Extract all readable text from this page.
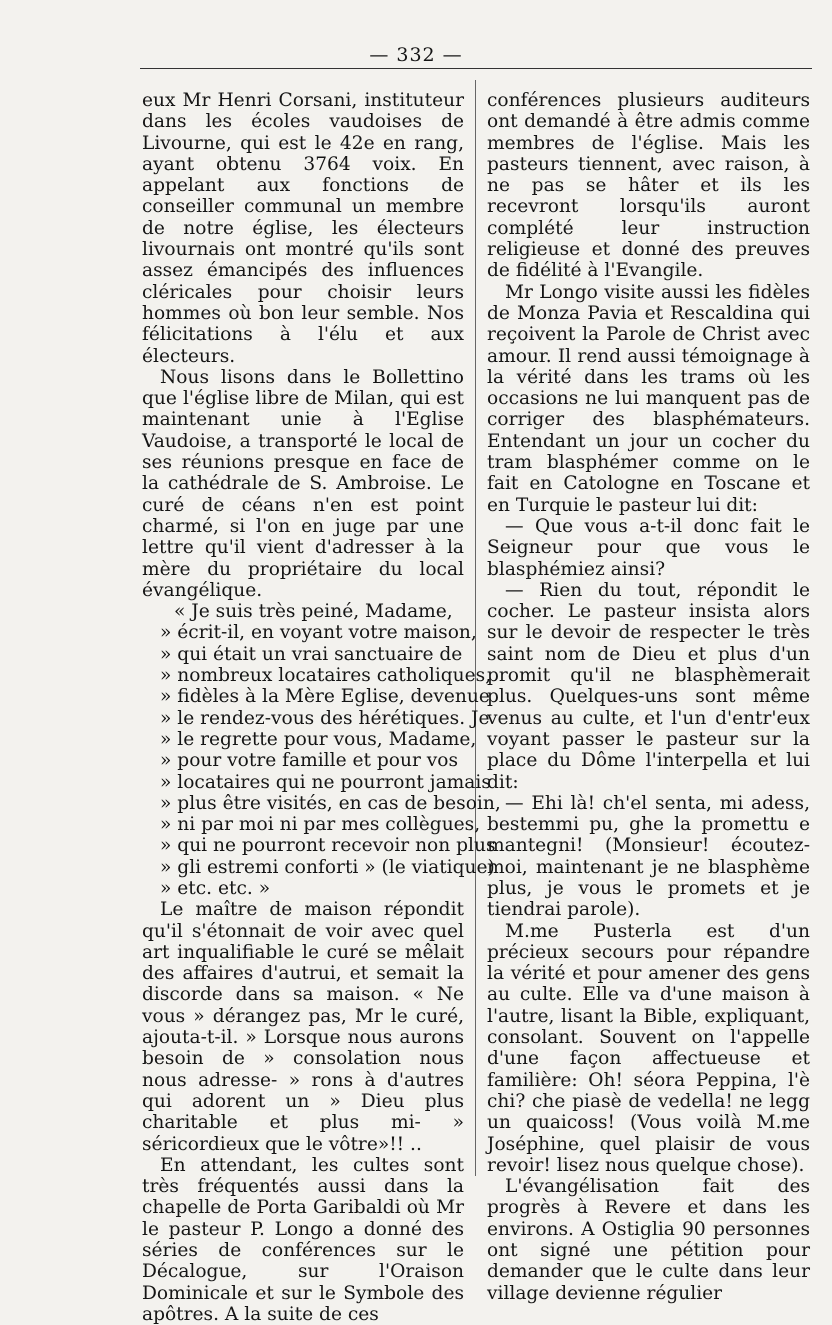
— 332 —

eux Mr Henri Corsani, instituteur dans les écoles vaudoises de Livourne, qui est le 42e en rang, ayant obtenu 3764 voix. En appelant aux fonctions de conseiller communal un membre de notre église, les électeurs livournais ont montré qu'ils sont assez émancipés des influences cléricales pour choisir leurs hommes où bon leur semble. Nos félicitations à l'élu et aux électeurs.

Nous lisons dans le Bollettino que l'église libre de Milan, qui est maintenant unie à l'Eglise Vaudoise, a transporté le local de ses réunions presque en face de la cathédrale de S. Ambroise. Le curé de céans n'en est point charmé, si l'on en juge par une lettre qu'il vient d'adresser à la mère du propriétaire du local évangélique.

« Je suis très peiné, Madame,

» écrit-il, en voyant votre maison,

» qui était un vrai sanctuaire de

» nombreux locataires catholiques,

» fidèles à la Mère Eglise, devenue

» le rendez-vous des hérétiques. Je

» le regrette pour vous, Madame,

» pour votre famille et pour vos

» locataires qui ne pourront jamais

» plus être visités, en cas de besoin,

» ni par moi ni par mes collègues,

» qui ne pourront recevoir non plus

» gli estremi conforti » (le viatique)

» etc. etc. »

Le maître de maison répondit qu'il s'étonnait de voir avec quel art inqualifiable le curé se mêlait des affaires d'autrui, et semait la discorde dans sa maison. « Ne vous » dérangez pas, Mr le curé, ajouta-t-il. » Lorsque nous aurons besoin de » consolation nous nous adresse- » rons à d'autres qui adorent un » Dieu plus charitable et plus mi- » séricordieux que le vôtre»!! ..

En attendant, les cultes sont très fréquentés aussi dans la chapelle de Porta Garibaldi où Mr le pasteur P. Longo a donné des séries de conférences sur le Décalogue, sur l'Oraison Dominicale et sur le Symbole des apôtres. A la suite de ces

conférences plusieurs auditeurs ont demandé à être admis comme membres de l'église. Mais les pasteurs tiennent, avec raison, à ne pas se hâter et ils les recevront lorsqu'ils auront complété leur instruction religieuse et donné des preuves de fidélité à l'Evangile.

Mr Longo visite aussi les fidèles de Monza Pavia et Rescaldina qui reçoivent la Parole de Christ avec amour. Il rend aussi témoignage à la vérité dans les trams où les occasions ne lui manquent pas de corriger des blasphémateurs. Entendant un jour un cocher du tram blasphémer comme on le fait en Catologne en Toscane et en Turquie le pasteur lui dit:

— Que vous a-t-il donc fait le Seigneur pour que vous le blasphémiez ainsi?

— Rien du tout, répondit le cocher. Le pasteur insista alors sur le devoir de respecter le très saint nom de Dieu et plus d'un promit qu'il ne blasphèmerait plus. Quelques-uns sont même venus au culte, et l'un d'entr'eux voyant passer le pasteur sur la place du Dôme l'interpella et lui dit:

— Ehi là! ch'el senta, mi adess, bestemmi pu, ghe la promettu e mantegni! (Monsieur! écoutez-moi, maintenant je ne blasphème plus, je vous le promets et je tiendrai parole).

M.me Pusterla est d'un précieux secours pour répandre la vérité et pour amener des gens au culte. Elle va d'une maison à l'autre, lisant la Bible, expliquant, consolant. Souvent on l'appelle d'une façon affectueuse et familière: Oh! séora Peppina, l'è chi? che piasè de vedella! ne legg un quaicoss! (Vous voilà M.me Joséphine, quel plaisir de vous revoir! lisez nous quelque chose).

L'évangélisation fait des progrès à Revere et dans les environs. A Ostiglia 90 personnes ont signé une pétition pour demander que le culte dans leur village devienne régulier
